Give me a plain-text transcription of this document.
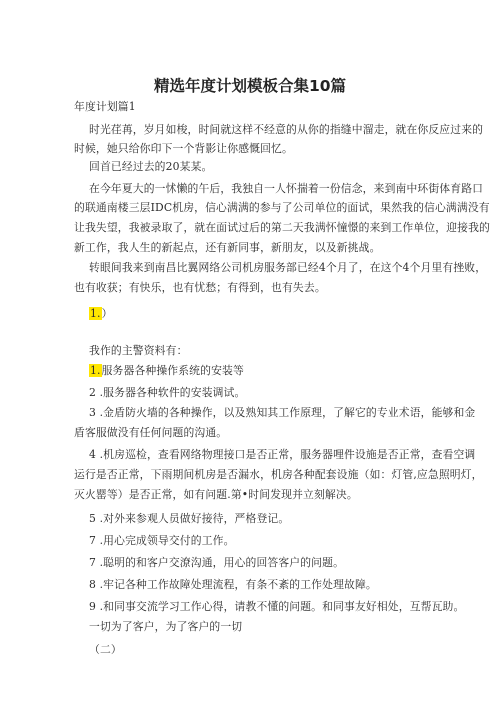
精选年度计划模板合集10篇
年度计划篇1
时光荏苒，岁月如梭，时间就这样不经意的从你的指缝中溜走，就在你反应过来的
时候，她只给你印下一个背影让你感慨回忆。
回首已经过去的20某某。
在今年夏大的一怵懒的午后，我独自一人怀揣着一份信念，来到南中环街体育路口
的联通南楼三层IDC机房，信心满满的参与了公司单位的面试，果然我的信心满满没有
让我失望，我被录取了，就在面试过后的第二天我满怀憧憬的来到工作单位，迎接我的
新工作，我人生的新起点，还有新同事，新朋友，以及新挑战。
转眼间我来到南昌比翼网络公司机房服务部已经4个月了，在这个4个月里有挫败，
也有收获；有快乐，也有忧愁；有得到，也有失去。
1.）
我作的主警资料有：
1.服务器各种操作系统的安装等
2 .服务器各种软件的安装调试。
3 .金盾防火墙的各种操作，以及熟知其工作原理，了解它的专业术语，能够和金
盾客服做没有任何问题的沟通。
4 .机房巡检，查看网络物理接口是否正常，服务器哩件设施是否正常，查看空调
运行是否正常，下雨期间机房是否漏水，机房各种配套设施（如：灯管,应急照明灯，
灭火罂等）是否正常，如有问题.第•时间发现并立刻解决。
5 .对外来参观人员做好接待，严格登记。
7 .用心完成领导交付的工作。
7 .聪明的和客户交潦沟通，用心的回答客户的问题。
8 .牢记各种工作故障处理流程，有条不紊的工作处理故障。
9 .和同事交流学习工作心得，请教不懂的问题。和同事友好相处，互帮瓦助。
一切为了客户，为了客户的一切
（二）
